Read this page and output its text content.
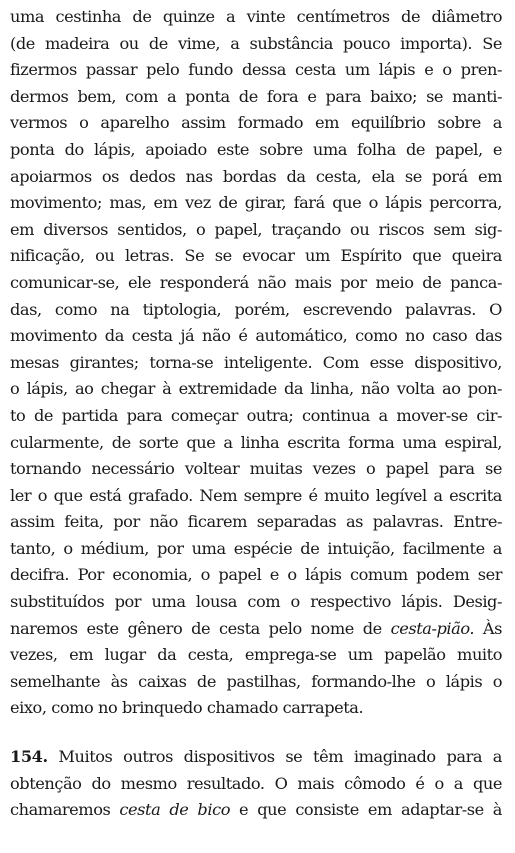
uma cestinha de quinze a vinte centímetros de diâmetro
(de madeira ou de vime, a substância pouco importa). Se
fizermos passar pelo fundo dessa cesta um lápis e o pren-
dermos bem, com a ponta de fora e para baixo; se manti-
vermos o aparelho assim formado em equilíbrio sobre a
ponta do lápis, apoiado este sobre uma folha de papel, e
apoiarmos os dedos nas bordas da cesta, ela se porá em
movimento; mas, em vez de girar, fará que o lápis percorra,
em diversos sentidos, o papel, traçando ou riscos sem sig-
nificação, ou letras. Se se evocar um Espírito que queira
comunicar-se, ele responderá não mais por meio de panca-
das, como na tiptologia, porém, escrevendo palavras. O
movimento da cesta já não é automático, como no caso das
mesas girantes; torna-se inteligente. Com esse dispositivo,
o lápis, ao chegar à extremidade da linha, não volta ao pon-
to de partida para começar outra; continua a mover-se cir-
cularmente, de sorte que a linha escrita forma uma espiral,
tornando necessário voltear muitas vezes o papel para se
ler o que está grafado. Nem sempre é muito legível a escrita
assim feita, por não ficarem separadas as palavras. Entre-
tanto, o médium, por uma espécie de intuição, facilmente a
decifra. Por economia, o papel e o lápis comum podem ser
substituídos por uma lousa com o respectivo lápis. Desig-
naremos este gênero de cesta pelo nome de cesta-pião. Às
vezes, em lugar da cesta, emprega-se um papelão muito
semelhante às caixas de pastilhas, formando-lhe o lápis o
eixo, como no brinquedo chamado carrapeta.
154. Muitos outros dispositivos se têm imaginado para a
obtenção do mesmo resultado. O mais cômodo é o a que
chamaremos cesta de bico e que consiste em adaptar-se à
